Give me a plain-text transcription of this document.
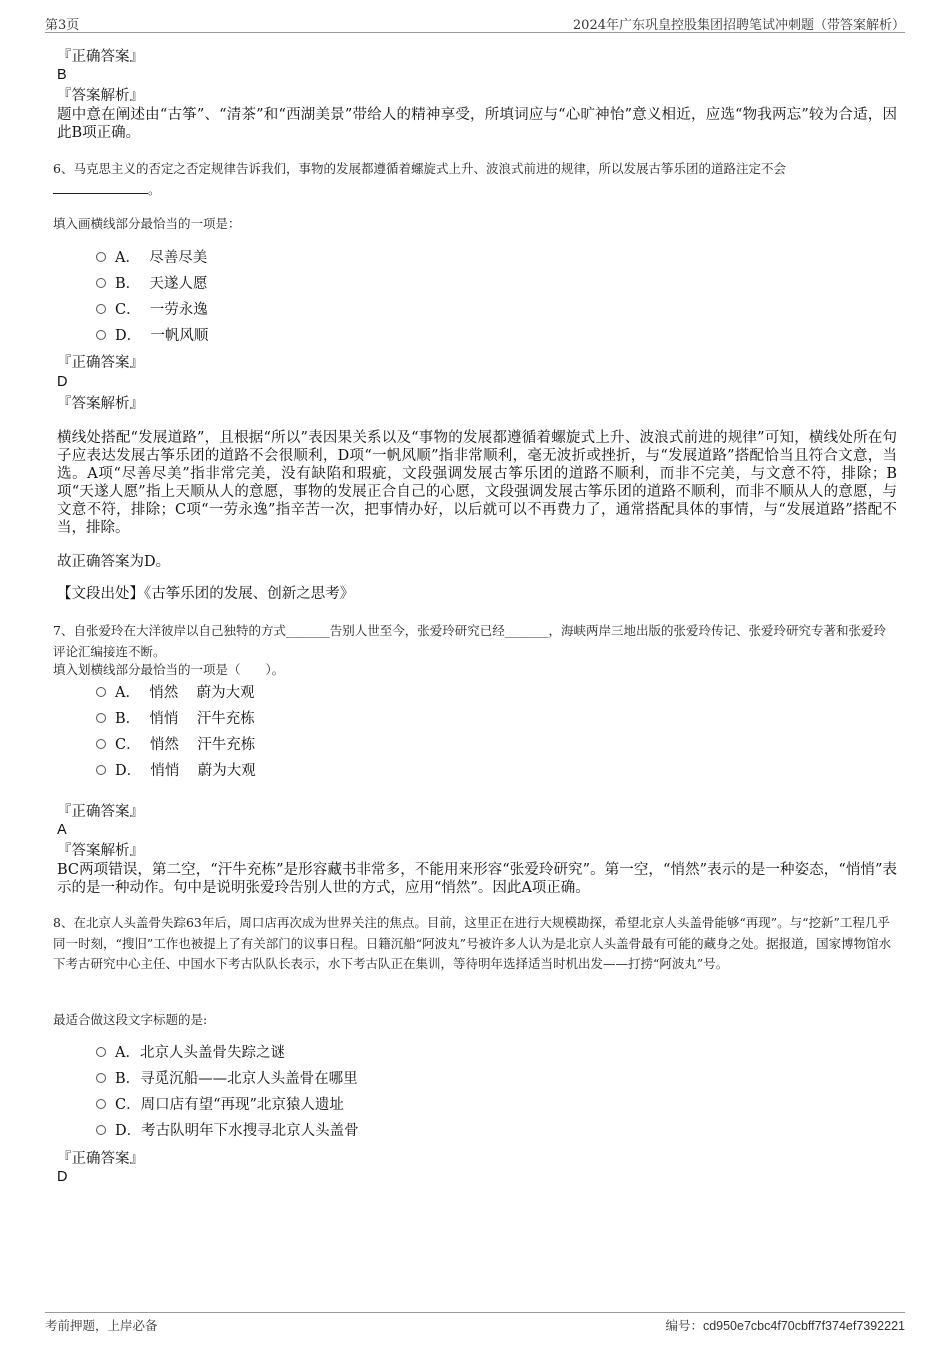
第3页	2024年广东巩皇控股集团招聘笔试冲刺题（带答案解析）
『正确答案』
B
『答案解析』
题中意在阐述由“古筝”、“清茶”和“西湖美景”带给人的精神享受，所填词应与“心旷神怡”意义相近，应选“物我两忘”较为合适，因此B项正确。
6、马克思主义的否定之否定规律告诉我们，事物的发展都遵循着螺旋式上升、波浪式前进的规律，所以发展古筝乐团的道路注定不会
。
填入画横线部分最恰当的一项是：
A．  尽善尽美
B．  天遂人愿
C．  一劳永逸
D．  一帆风顺
『正确答案』
D
『答案解析』
横线处搭配“发展道路”，且根据“所以”表因果关系以及“事物的发展都遵循着螺旋式上升、波浪式前进的规律”可知，横线处所在句子应表达发展古筝乐团的道路不会很顺利，D项“一帆风顺”指非常顺利，毫无波折或挫折，与“发展道路”搭配恰当且符合文意，当选。A项“尽善尽美”指非常完美，没有缺陷和瑕疵，文段强调发展古筝乐团的道路不顺利，而非不完美，与文意不符，排除；B项“天遂人愿”指上天顺从人的意愿，事物的发展正合自己的心愿，文段强调发展古筝乐团的道路不顺利，而非不顺从人的意愿，与文意不符，排除；C项“一劳永逸”指辛苦一次，把事情办好，以后就可以不再费力了，通常搭配具体的事情，与“发展道路”搭配不当，排除。
故正确答案为D。
【文段出处】《古筝乐团的发展、创新之思考》
7、自张爱玲在大洋彼岸以自己独特的方式_______告别人世至今，张爱玲研究已经_______，海峡两岸三地出版的张爱玲传记、张爱玲研究专著和张爱玲评论汇编接连不断。
填入划横线部分最恰当的一项是（　　）。
A．  悄然    蔚为大观
B．  悄悄    汗牛充栋
C．  悄然    汗牛充栋
D．  悄悄    蔚为大观
『正确答案』
A
『答案解析』
BC两项错误，第二空，“汗牛充栋”是形容藏书非常多，不能用来形容“张爱玲研究”。第一空，“悄然”表示的是一种姿态，“悄悄”表示的是一种动作。句中是说明张爱玲告别人世的方式，应用“悄然”。因此A项正确。
8、在北京人头盖骨失踪63年后，周口店再次成为世界关注的焦点。目前，这里正在进行大规模勘探，希望北京人头盖骨能够“再现”。与“挖新”工程几乎同一时刻，“搜旧”工作也被提上了有关部门的议事日程。日籍沉船“阿波丸”号被许多人认为是北京人头盖骨最有可能的藏身之处。据报道，国家博物馆水下考古研究中心主任、中国水下考古队队长表示，水下考古队正在集训，等待明年选择适当时机出发——打捞“阿波丸”号。
最适合做这段文字标题的是:
A．北京人头盖骨失踪之谜
B．寻觅沉船——北京人头盖骨在哪里
C．周口店有望“再现”北京猿人遗址
D．考古队明年下水搜寻北京人头盖骨
『正确答案』
D
考前押题，上岸必备	编号：cd950e7cbc4f70cbff7f374ef7392221
